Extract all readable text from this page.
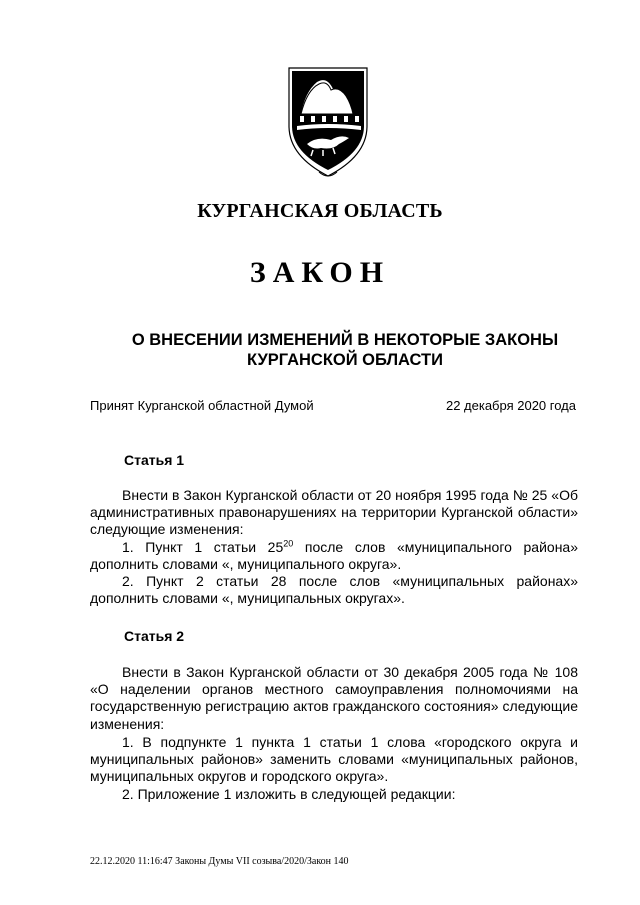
КУРГАНСКАЯ ОБЛАСТЬ
ЗАКОН
О ВНЕСЕНИИ ИЗМЕНЕНИЙ В НЕКОТОРЫЕ ЗАКОНЫ
КУРГАНСКОЙ ОБЛАСТИ
Принят Курганской областной Думой	22 декабря 2020 года
Статья 1
Внести в Закон Курганской области от 20 ноября 1995 года № 25 «Об административных правонарушениях на территории Курганской области» следующие изменения:
1. Пункт 1 статьи $25^{20}$ после слов «муниципального района» дополнить словами «, муниципального округа».
2. Пункт 2 статьи 28 после слов «муниципальных районах» дополнить словами «, муниципальных округах».
Статья 2
Внести в Закон Курганской области от 30 декабря 2005 года № 108 «О наделении органов местного самоуправления полномочиями на государственную регистрацию актов гражданского состояния» следующие изменения:
1. В подпункте 1 пункта 1 статьи 1 слова «городского округа и муниципальных районов» заменить словами «муниципальных районов, муниципальных округов и городского округа».
2. Приложение 1 изложить в следующей редакции:
22.12.2020 11:16:47 Законы Думы VII созыва/2020/Закон 140
